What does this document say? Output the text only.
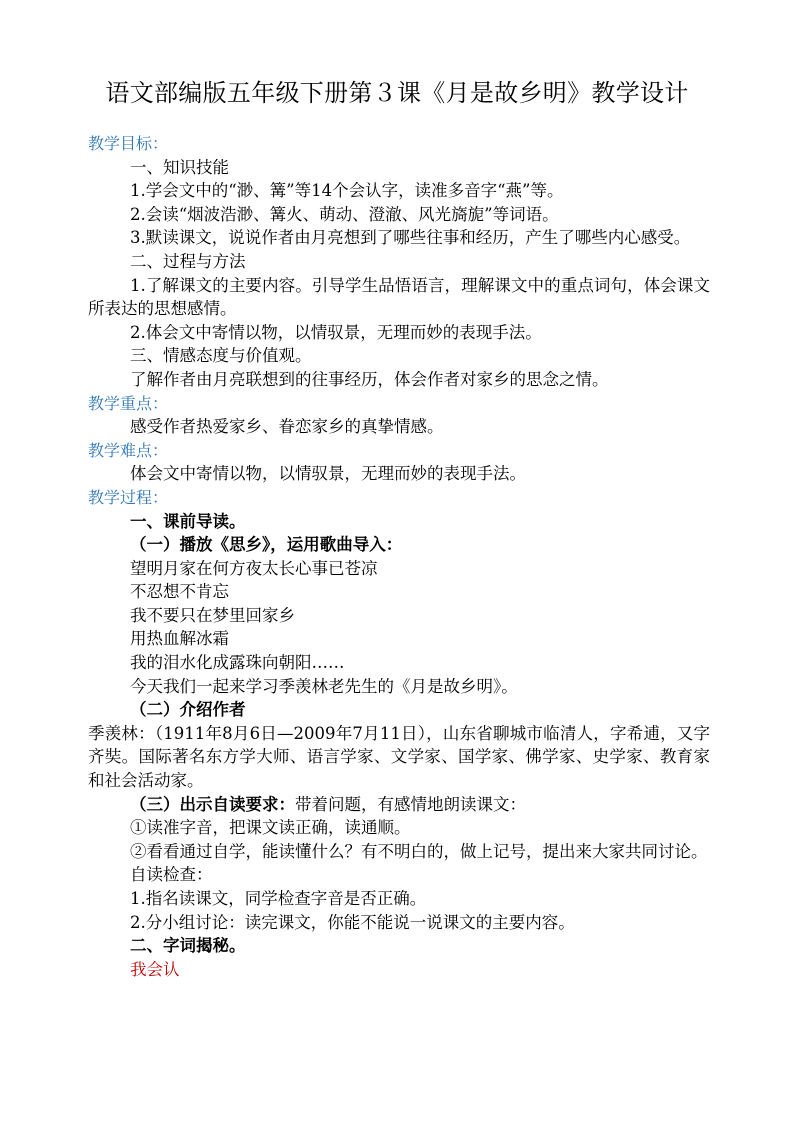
语文部编版五年级下册第３课《月是故乡明》教学设计

教学目标：

一、知识技能

1.学会文中的“渺、篝”等14个会认字，读准多音字“燕”等。

2.会读“烟波浩渺、篝火、萌动、澄澈、风光旖旎”等词语。

3.默读课文，说说作者由月亮想到了哪些往事和经历，产生了哪些内心感受。

二、过程与方法

1.了解课文的主要内容。引导学生品悟语言，理解课文中的重点词句，体会课文所表达的思想感情。

2.体会文中寄情以物，以情驭景，无理而妙的表现手法。

三、情感态度与价值观。

了解作者由月亮联想到的往事经历，体会作者对家乡的思念之情。

教学重点：

感受作者热爱家乡、眷恋家乡的真挚情感。

教学难点：

体会文中寄情以物，以情驭景，无理而妙的表现手法。

教学过程：

一、课前导读。

（一）播放《思乡》，运用歌曲导入：

望明月家在何方夜太长心事已苍凉

不忍想不肯忘

我不要只在梦里回家乡

用热血解冰霜

我的泪水化成露珠向朝阳……

今天我们一起来学习季羡林老先生的《月是故乡明》。

（二）介绍作者

季羡林：（1911年8月6日—2009年7月11日），山东省聊城市临清人，字希逋，又字齐奘。国际著名东方学大师、语言学家、文学家、国学家、佛学家、史学家、教育家和社会活动家。

（三）出示自读要求：带着问题，有感情地朗读课文：

①读准字音，把课文读正确，读通顺。

②看看通过自学，能读懂什么？有不明白的，做上记号，提出来大家共同讨论。

自读检查：

1.指名读课文，同学检查字音是否正确。

2.分小组讨论：读完课文，你能不能说一说课文的主要内容。

二、字词揭秘。

我会认
